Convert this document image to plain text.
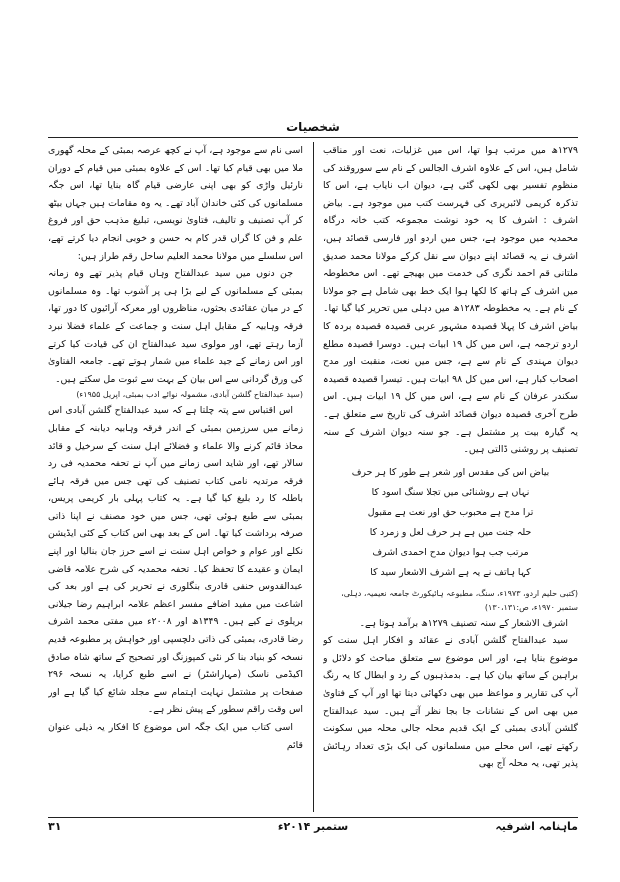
شخصیات

۱۲۷۹ھ میں مرتب ہوا تھا، اس میں غزلیات، نعت اور مناقب شامل ہیں، اس کے علاوہ اشرف الجالس کے نام سے سوروقند کی منظوم تفسیر بھی لکھی گئی ہے، دیوان اب نایاب ہے، اس کا تذکرہ کریمی لائبریری کی فہرست کتب میں موجود ہے۔ بیاض اشرف : اشرف کا یہ خود نوشت مجموعہ کتب خانہ درگاہ محمدیہ میں موجود ہے، جس میں اردو اور فارسی قصائد ہیں، اشرف نے یہ قصائد اپنے دیوان سے نقل کرکے مولانا محمد صدیق ملتانی قم احمد نگری کی خدمت میں بھیجے تھے۔ اس مخطوطہ میں اشرف کے ہاتھ کا لکھا ہوا ایک خط بھی شامل ہے جو مولانا کے نام ہے۔ یہ مخطوطہ ۱۲۸۳ھ میں دہلی میں تحریر کیا گیا تھا۔ بیاض اشرف کا پہلا قصیدہ مشہور عربی قصیدہ قصیدہ بردہ کا اردو ترجمہ ہے، اس میں کل ۱۹ ابیات ہیں۔ دوسرا قصیدہ مطلع دیوان مہندی کے نام سے ہے، جس میں نعت، منقبت اور مدح اصحاب کبار ہے، اس میں کل ۹۸ ابیات ہیں۔ تیسرا قصیدہ قصیدہ سکندر عرفان کے نام سے ہے، اس میں کل ۱۹ ابیات ہیں۔ اس طرح آخری قصیدہ دیوان قصائد اشرف کی تاریخ سے متعلق ہے۔ یہ گیارہ بیت پر مشتمل ہے۔ جو سنہ دیوان اشرف کے سنہ تصنیف پر روشنی ڈالتی ہیں۔

بیاض اس کی مقدس اور شعر ہے طور کا ہر حرف
نہاں ہے روشنائی میں تجلا سنگ اسود کا
ترا مدح ہے محبوب حق اور نعت ہے مقبول
حلہ جنت میں ہے ہر حرف لعل و زمرد کا
مرتب جب ہوا دیوان مدح احمدی اشرف
کہا ہاتف نے یہ ہے اشرف الاشعار سید کا

(کتبی حلیم اردو، ۱۹۷۳ء، سنگ، مطبوعہ ہائیکورٹ جامعہ نعیمیہ، دہلی، ستمبر ۱۹۷۰ء، ص:۱۳۰،۱۳۱)

اشرف الاشعار کے سنہ تصنیف ۱۲۷۹ھ برآمد ہوتا ہے۔

سید عبدالفتاح گلشن آبادی نے عقائد و افکار اہل سنت کو موضوع بنایا ہے، اور اس موضوع سے متعلق مباحث کو دلائل و براہین کے ساتھ بیان کیا ہے۔ بدمذہبوں کے رد و ابطال کا یہ رنگ آپ کی تقاریر و مواعظ میں بھی دکھائی دیتا تھا اور آپ کے فتاویٰ میں بھی اس کے نشانات جا بجا نظر آتے ہیں۔ سید عبدالفتاح گلشن آبادی بمبئی کے ایک قدیم محلہ جالی محلہ میں سکونت رکھتے تھے، اس محلے میں مسلمانوں کی ایک بڑی تعداد رہائش پذیر تھی، یہ محلہ آج بھی

اسی نام سے موجود ہے، آپ نے کچھ عرصہ بمبئی کے محلہ گھوری ملا میں بھی قیام کیا تھا۔ اس کے علاوہ بمبئی میں قیام کے دوران نارئیل واڑی کو بھی اپنی عارضی قیام گاہ بنایا تھا، اس جگہ مسلمانوں کی کئی خاندان آباد تھے۔ یہ وہ مقامات ہیں جہاں بیٹھ کر آپ تصنیف و تالیف، فتاویٰ نویسی، تبلیغ مذہب حق اور فروغ علم و فن کا گراں قدر کام بہ حسن و خوبی انجام دیا کرتے تھے، اس سلسلے میں مولانا محمد العلیم ساحل رقم طراز ہیں:

جن دنوں میں سید عبدالفتاح وہاں قیام پذیر تھے وہ زمانہ بمبئی کے مسلمانوں کے لیے بڑا ہی پر آشوب تھا۔ وہ مسلمانوں کے در میان عقائدی بحثوں، مناظروں اور معرکہ آرائیوں کا دور تھا، فرقہ وہابیہ کے مقابل اہل سنت و جماعت کے علماء فضلا نبرد آزما رہتے تھے، اور مولوی سید عبدالفتاح ان کی قیادت کیا کرتے اور اس زمانے کے جید علماء میں شمار ہوتے تھے۔ جامعہ الفتاویٰ کی ورق گردانی سے اس بیان کے بہت سے ثبوت مل سکتے ہیں۔

(سید عبدالفتاح گلشن آبادی، مشمولہ نوائے ادب بمبئی، اپریل ۱۹۵۵ء)

اس اقتباس سے پتہ چلتا ہے کہ سید عبدالفتاح گلشن آبادی اس زمانے میں سرزمین بمبئی کے اندر فرقہ وہابیہ دیابنہ کے مقابل محاذ قائم کرنے والا علماء و فضلائے اہل سنت کے سرخیل و قائد سالار تھے، اور شاید اسی زمانے میں آپ نے تحفہ محمدیہ فی رد فرقہ مرتدیہ نامی کتاب تصنیف کی تھی جس میں فرقہ ہائے باطلہ کا رد بلیغ کیا گیا ہے۔ یہ کتاب پہلی بار کریمی پریس، بمبئی سے طبع ہوئی تھی، جس میں خود مصنف نے اپنا ذاتی صرفہ برداشت کیا تھا۔ اس کے بعد بھی اس کتاب کے کئی ایڈیشن نکلے اور عوام و خواص اہل سنت نے اسے حرز جان بنالیا اور اپنے ایمان و عقیدے کا تحفظ کیا۔ تحفہ محمدیہ کی شرح علامہ قاضی عبدالقدوس حنفی قادری بنگلوری نے تحریر کی ہے اور بعد کی اشاعت میں مفید اضافے مفسر اعظم علامہ ابراہیم رضا جیلانی بریلوی نے کیے ہیں۔ ۱۳۴۹ھ اور ۲۰۰۸ء میں مفتی محمد اشرف رضا قادری، بمبئی کی ذاتی دلچسپی اور خواہش پر مطبوعہ قدیم نسخہ کو بنیاد بنا کر نئی کمپوزنگ اور تصحیح کے ساتھ شاہ صادق اکیڈمی ناسک (مہاراشٹر) نے اسے طبع کرایا، یہ نسخہ ۲۹۶ صفحات پر مشتمل نہایت اہتمام سے مجلد شائع کیا گیا ہے اور اس وقت راقم سطور کے پیش نظر ہے۔

اسی کتاب میں ایک جگہ اس موضوع کا افکار یہ ذیلی عنوان قائم

ماہنامہ اشرفیہ
ستمبر ۲۰۱۴ء
۳۱
